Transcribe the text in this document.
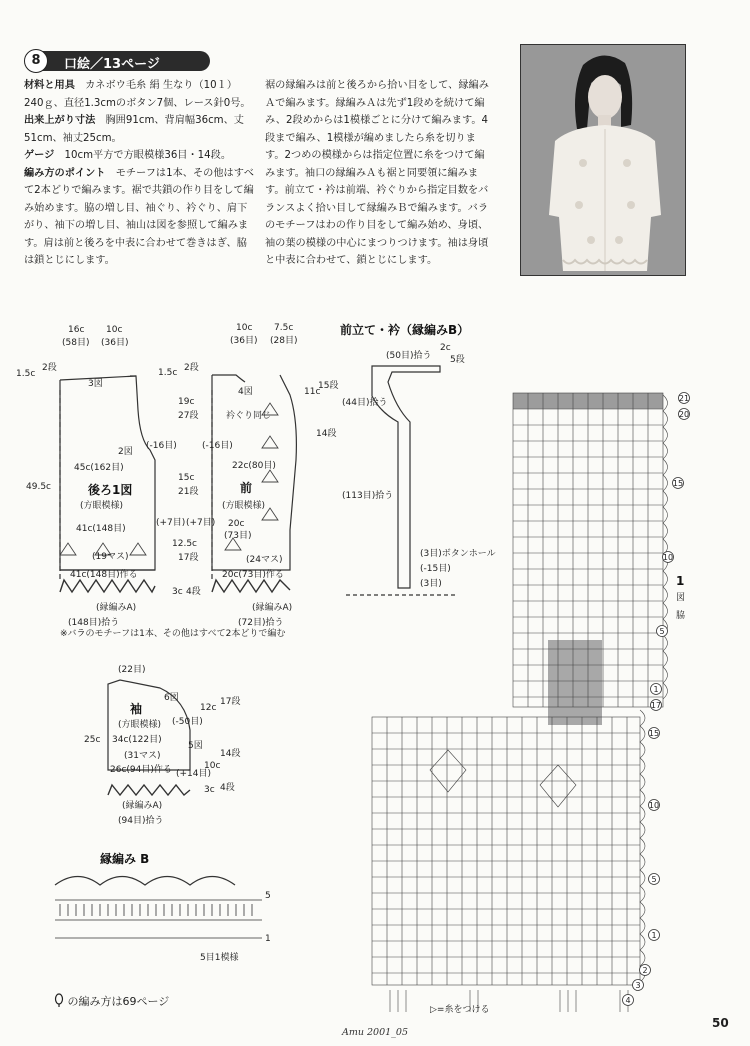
8	口絵／13ページ

材料と用具　 カネボウ毛糸 絹 生なり（10１）240ｇ、直径1.3cmのボタン7個、レース針0号。

出来上がり寸法　 胸囲91cm、背肩幅36cm、丈51cm、袖丈25cm。

ゲージ　 10cm平方で方眼模様36目・14段。

編み方のポイント　 モチーフは1本、その他はすべて2本どりで編みます。裾で共鎖の作り目をして編み始めます。脇の増し目、袖ぐり、衿ぐり、肩下がり、袖下の増し目、袖山は図を参照して編みます。肩は前と後ろを中表に合わせて巻きはぎ、脇は鎖とじにします。

裾の縁編みは前と後ろから拾い目をして、縁編みＡで編みます。縁編みＡは先ず1段めを続けて編み、2段めからは1模様ごとに分けて編みます。4段まで編み、1模様が編めましたら糸を切ります。2つめの模様からは指定位置に糸をつけて編みます。袖口の縁編みＡも裾と同要領に編みます。前立て・衿は前端、衿ぐりから指定目数をバランスよく拾い目して縁編みＢで編みます。バラのモチーフはわの作り目をして編み始め、身頃、袖の葉の模様の中心にまつりつけます。袖は身頃と中表に合わせて、鎖とじにします。

16c
(58目)
10c
(36目)
1.5c
2段
49.5c
3図
2図
45c(162目)
後ろ1図
(方眼模様)
41c(148目)
(19マス)
41c(148目)作る
(縁編みA)
(148目)拾う
(-16目)
(+7目)
10c
(36目)
7.5c
(28目)
1.5c 2段
19c
27段
15c
21段
12.5c
17段
3c 4段
11c
15段
14段
4図
衿ぐり同じ
(-16目)
22c(80目)
前
(方眼模様)
20c
(73目)
(+7目)
(24マス)
20c(73目)作る
(縁編みA)
(72目)拾う
前立て・衿（縁編みB）
(50目)拾う
2c
5段
(44目)拾う
(113目)拾う
(3目)ボタンホール
(-15目)
(3目)
※バラのモチーフは1本、その他はすべて2本どりで編む
(22目)
6図
袖
(方眼模様) (-50目)
34c(122目)
5図
(31マス)
26c(94目)作る (+14目)
(縁編みA)
(94目)拾う
25c
12c
17段
10c
14段
3c 4段
縁編み B
5
1
5目1模様
21
20
15
10
5
1
17
15
10
5
1
2
3
4
1
図
脇
▷=糸をつける
の編み方は69ページ
Amu 2001_05
50
